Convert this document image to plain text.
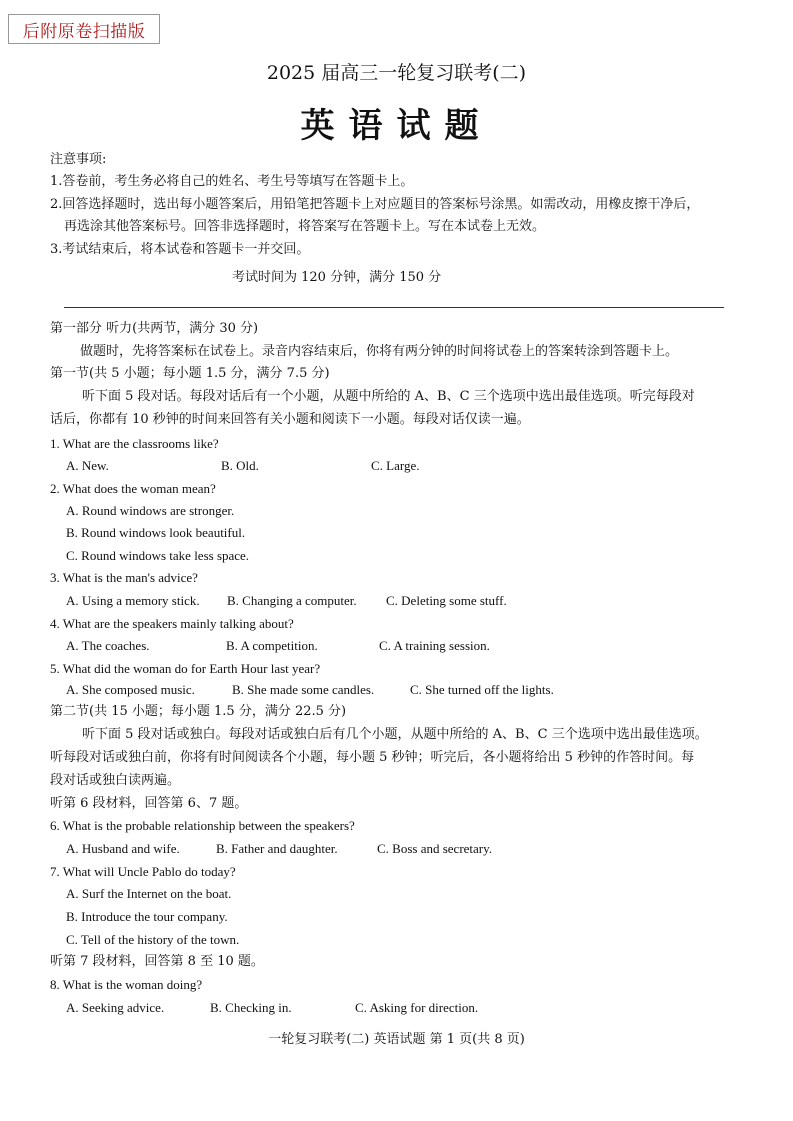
后附原卷扫描版
2025 届高三一轮复习联考(二)
英语试题
注意事项:
1.答卷前，考生务必将自己的姓名、考生号等填写在答题卡上。
2.回答选择题时，选出每小题答案后，用铅笔把答题卡上对应题目的答案标号涂黑。如需改动，用橡皮擦干净后，
再选涂其他答案标号。回答非选择题时，将答案写在答题卡上。写在本试卷上无效。
3.考试结束后，将本试卷和答题卡一并交回。
考试时间为 120 分钟，满分 150 分
第一部分 听力(共两节，满分 30 分)
做题时，先将答案标在试卷上。录音内容结束后，你将有两分钟的时间将试卷上的答案转涂到答题卡上。
第一节(共 5 小题；每小题 1.5 分，满分 7.5 分)
听下面 5 段对话。每段对话后有一个小题，从题中所给的 A、B、C 三个选项中选出最佳选项。听完每段对
话后，你都有 10 秒钟的时间来回答有关小题和阅读下一小题。每段对话仅读一遍。
1. What are the classrooms like?
A. New.	B. Old.	C. Large.
2. What does the woman mean?
A. Round windows are stronger.
B. Round windows look beautiful.
C. Round windows take less space.
3. What is the man's advice?
A. Using a memory stick. B. Changing a computer. C. Deleting some stuff.
4. What are the speakers mainly talking about?
A. The coaches.	B. A competition.	C. A training session.
5. What did the woman do for Earth Hour last year?
A. She composed music.	B. She made some candles.	C. She turned off the lights.
第二节(共 15 小题；每小题 1.5 分，满分 22.5 分)
听下面 5 段对话或独白。每段对话或独白后有几个小题，从题中所给的 A、B、C 三个选项中选出最佳选项。
听每段对话或独白前，你将有时间阅读各个小题，每小题 5 秒钟；听完后，各小题将给出 5 秒钟的作答时间。每
段对话或独白读两遍。
听第 6 段材料，回答第 6、7 题。
6. What is the probable relationship between the speakers?
A. Husband and wife.	B. Father and daughter.	C. Boss and secretary.
7. What will Uncle Pablo do today?
A. Surf the Internet on the boat.
B. Introduce the tour company.
C. Tell of the history of the town.
听第 7 段材料，回答第 8 至 10 题。
8. What is the woman doing?
A. Seeking advice.	B. Checking in.	C. Asking for direction.
一轮复习联考(二) 英语试题 第 1 页(共 8 页)
